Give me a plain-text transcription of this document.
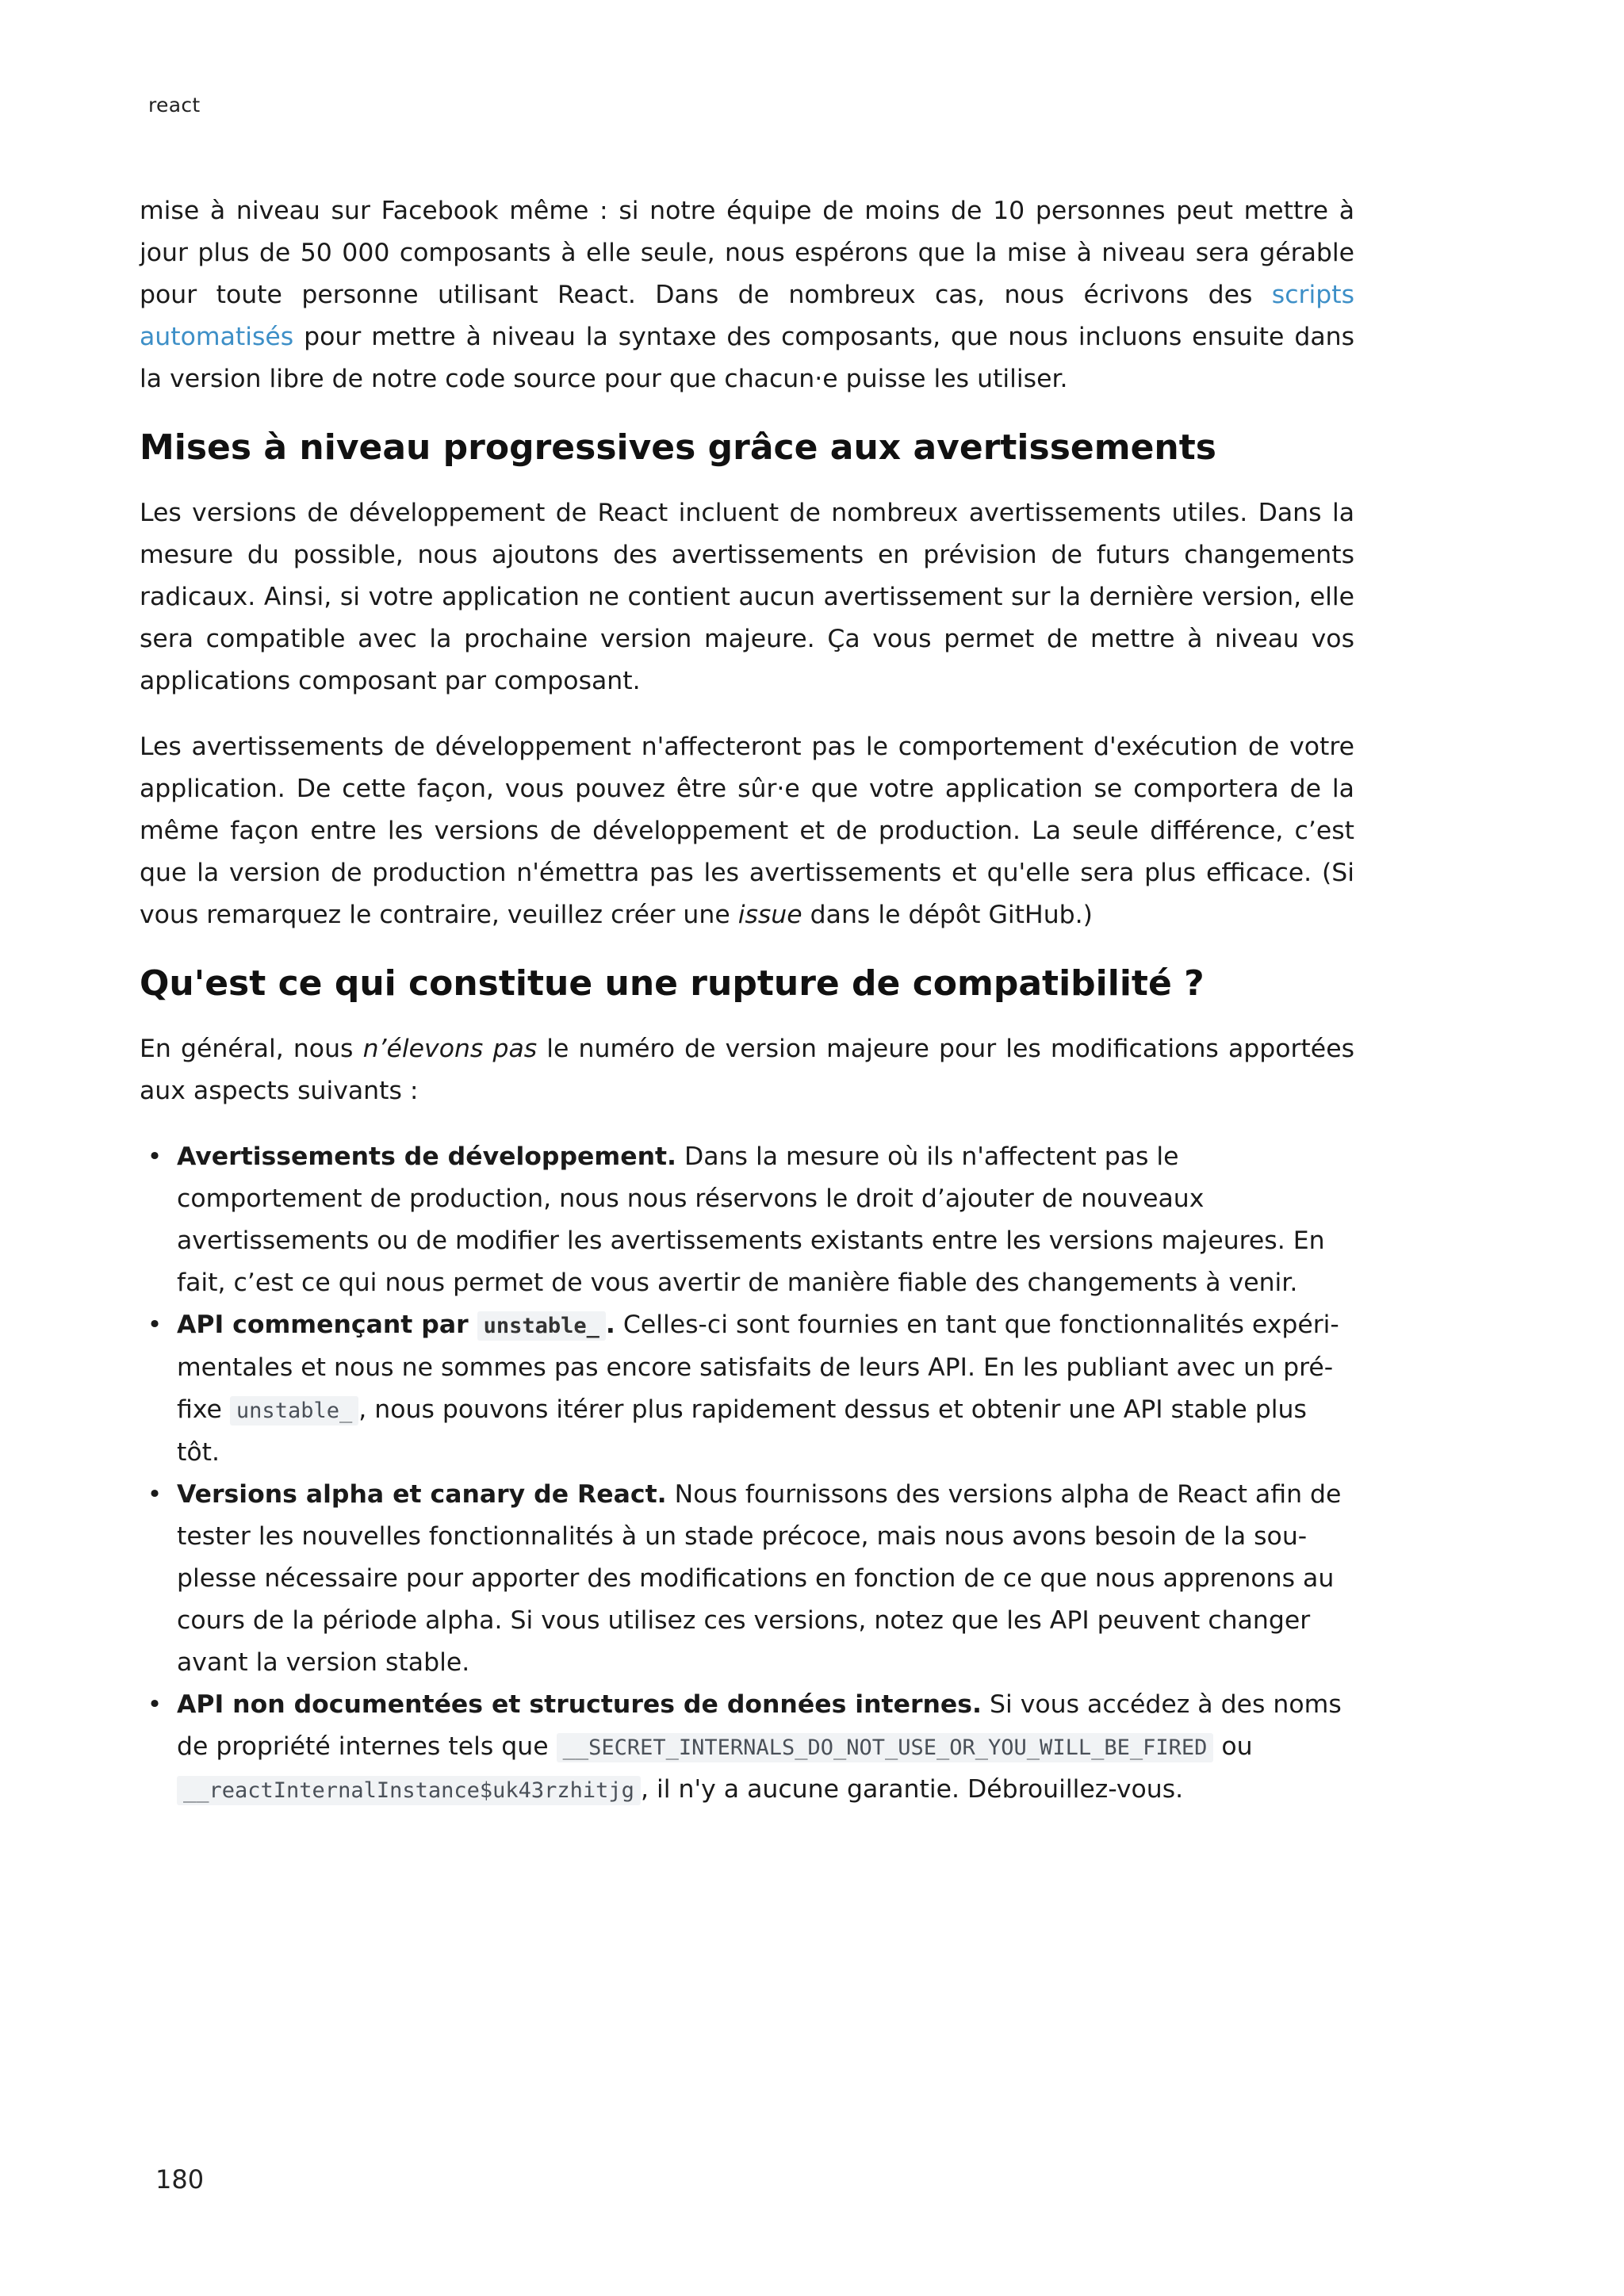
react

mise à niveau sur Facebook même : si notre équipe de moins de 10 personnes peut mettre à jour plus de 50 000 composants à elle seule, nous espérons que la mise à niveau sera gérable pour toute personne utilisant React. Dans de nombreux cas, nous écrivons des scripts automatisés pour mettre à niveau la syntaxe des composants, que nous incluons ensuite dans la version libre de notre code source pour que chacun·e puisse les utiliser.

Mises à niveau progressives grâce aux avertissements

Les versions de développement de React incluent de nombreux avertissements utiles. Dans la mesure du possible, nous ajoutons des avertissements en prévision de futurs changements radicaux. Ainsi, si votre application ne contient aucun avertissement sur la dernière version, elle sera compatible avec la prochaine version majeure. Ça vous permet de mettre à niveau vos applications composant par composant.

Les avertissements de développement n'affecteront pas le comportement d'exécution de votre application. De cette façon, vous pouvez être sûr·e que votre application se comportera de la même façon entre les versions de développement et de production. La seule différence, c’est que la version de production n'émettra pas les avertissements et qu'elle sera plus efficace. (Si vous remarquez le contraire, veuillez créer une issue dans le dépôt GitHub.)

Qu'est ce qui constitue une rupture de compatibilité ?

En général, nous n’élevons pas le numéro de version majeure pour les modifications apportées aux aspects suivants :

• Avertissements de développement. Dans la mesure où ils n'affectent pas le comportement de production, nous nous réservons le droit d’ajouter de nouveaux avertissements ou de modifier les avertissements existants entre les versions majeures. En fait, c’est ce qui nous permet de vous avertir de manière fiable des changements à venir.
• API commençant par unstable_ . Celles-ci sont fournies en tant que fonctionnalités expérimentales et nous ne sommes pas encore satisfaits de leurs API. En les publiant avec un préfixe unstable_ , nous pouvons itérer plus rapidement dessus et obtenir une API stable plus tôt.
• Versions alpha et canary de React. Nous fournissons des versions alpha de React afin de tester les nouvelles fonctionnalités à un stade précoce, mais nous avons besoin de la souplesse nécessaire pour apporter des modifications en fonction de ce que nous apprenons au cours de la période alpha. Si vous utilisez ces versions, notez que les API peuvent changer avant la version stable.
• API non documentées et structures de données internes. Si vous accédez à des noms de propriété internes tels que __SECRET_INTERNALS_DO_NOT_USE_OR_YOU_WILL_BE_FIRED ou __reactInternalInstance$uk43rzhitjg , il n'y a aucune garantie. Débrouillez-vous.
180
